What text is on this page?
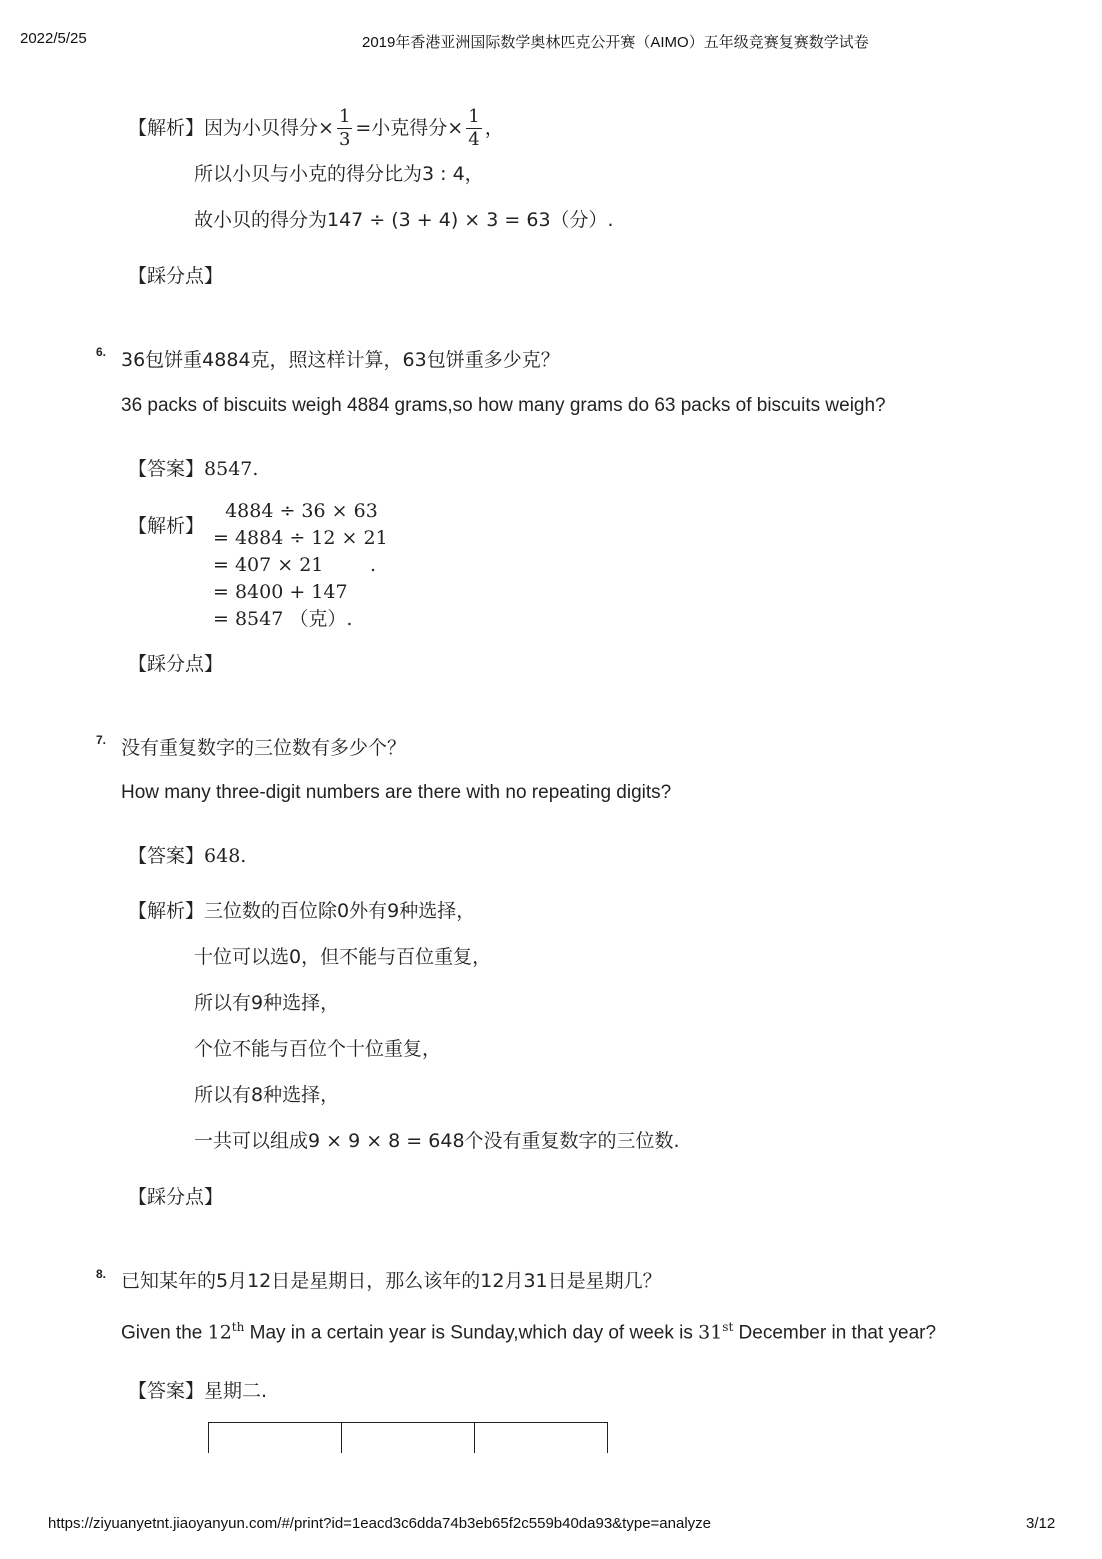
2022/5/25	2019年香港亚洲国际数学奥林匹克公开赛（AIMO）五年级竞赛复赛数学试卷
【解析】 因为小贝得分× $\frac{1}{3}$ =小克得分× $\frac{1}{4}$ ，
所以小贝与小克的得分比为3 : 4，
故小贝的得分为147 ÷ (3 + 4) × 3 = 63（分）.
【踩分点】
6. 36包饼重4884克，照这样计算，63包饼重多少克？
36 packs of biscuits weigh 4884 grams,so how many grams do 63 packs of biscuits weigh?
【答案】8547.
【解析】
4884 ÷ 36 × 63
= 4884 ÷ 12 × 21
= 407 × 21
= 8400 + 147
= 8547 （克）.
.
【踩分点】
7. 没有重复数字的三位数有多少个？
How many three-digit numbers are there with no repeating digits?
【答案】648.
【解析】三位数的百位除0外有9种选择，
十位可以选0，但不能与百位重复，
所以有9种选择，
个位不能与百位个十位重复，
所以有8种选择，
一共可以组成9 × 9 × 8 = 648个没有重复数字的三位数.
【踩分点】
8. 已知某年的5月12日是星期日，那么该年的12月31日是星期几？
Given the 12th May in a certain year is Sunday,which day of week is 31st December in that year?
【答案】星期二.

https://ziyuanyetnt.jiaoyanyun.com/#/print?id=1eacd3c6dda74b3eb65f2c559b40da93&type=analyze	3/12
